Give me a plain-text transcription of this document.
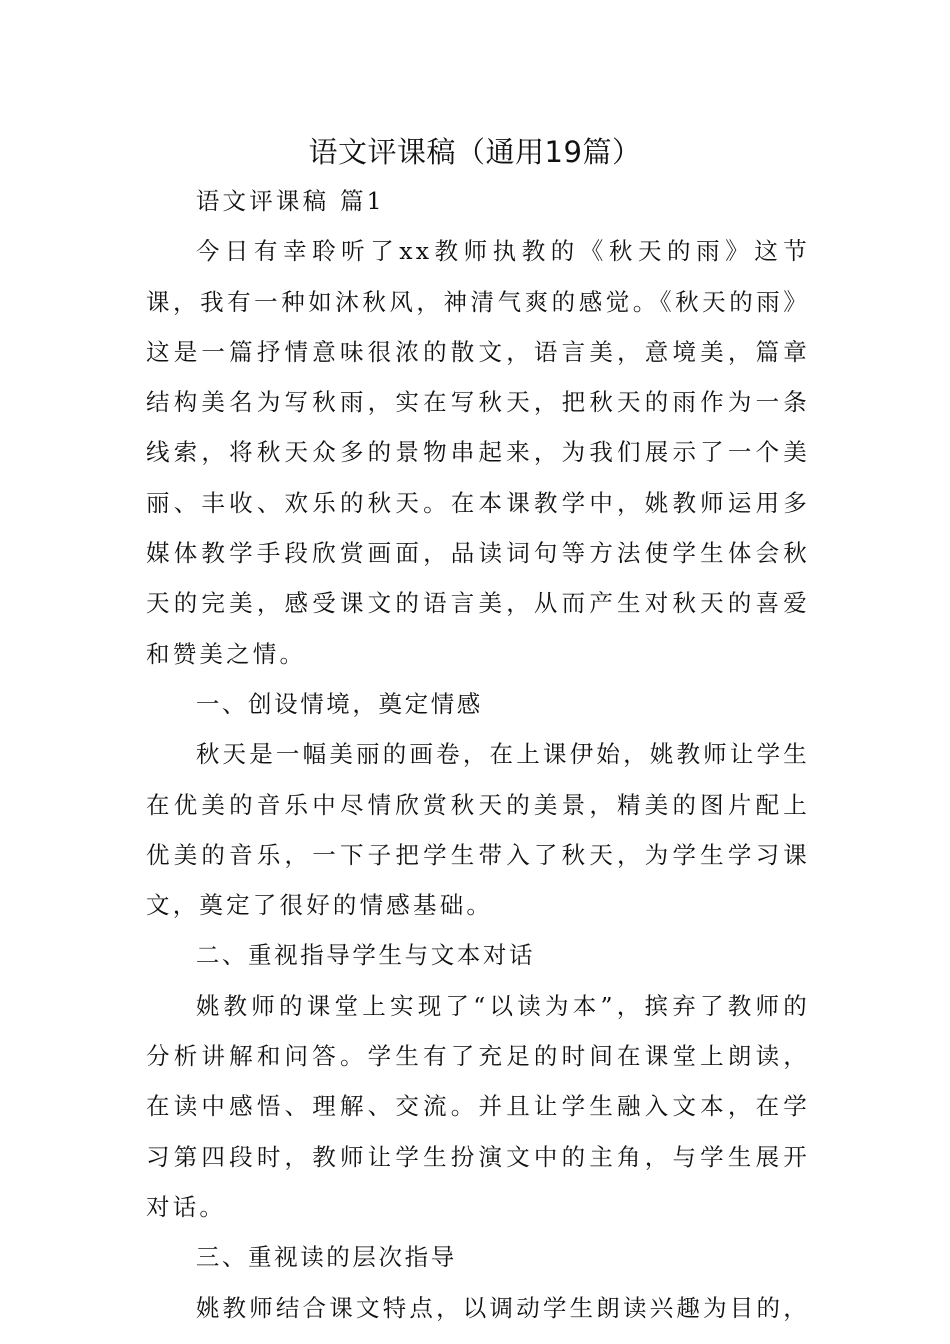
语文评课稿（通用19篇）

语文评课稿 篇1

今日有幸聆听了xx教师执教的《秋天的雨》这节课，我有一种如沐秋风，神清气爽的感觉。《秋天的雨》这是一篇抒情意味很浓的散文，语言美，意境美，篇章结构美名为写秋雨，实在写秋天，把秋天的雨作为一条线索，将秋天众多的景物串起来，为我们展示了一个美丽、丰收、欢乐的秋天。在本课教学中，姚教师运用多媒体教学手段欣赏画面，品读词句等方法使学生体会秋天的完美，感受课文的语言美，从而产生对秋天的喜爱和赞美之情。

一、创设情境，奠定情感

秋天是一幅美丽的画卷，在上课伊始，姚教师让学生在优美的音乐中尽情欣赏秋天的美景，精美的图片配上优美的音乐，一下子把学生带入了秋天，为学生学习课文，奠定了很好的情感基础。

二、重视指导学生与文本对话

姚教师的课堂上实现了“以读为本”，摈弃了教师的分析讲解和问答。学生有了充足的时间在课堂上朗读，在读中感悟、理解、交流。并且让学生融入文本，在学习第四段时，教师让学生扮演文中的主角，与学生展开对话。

三、重视读的层次指导

姚教师结合课文特点，以调动学生朗读兴趣为目的，
